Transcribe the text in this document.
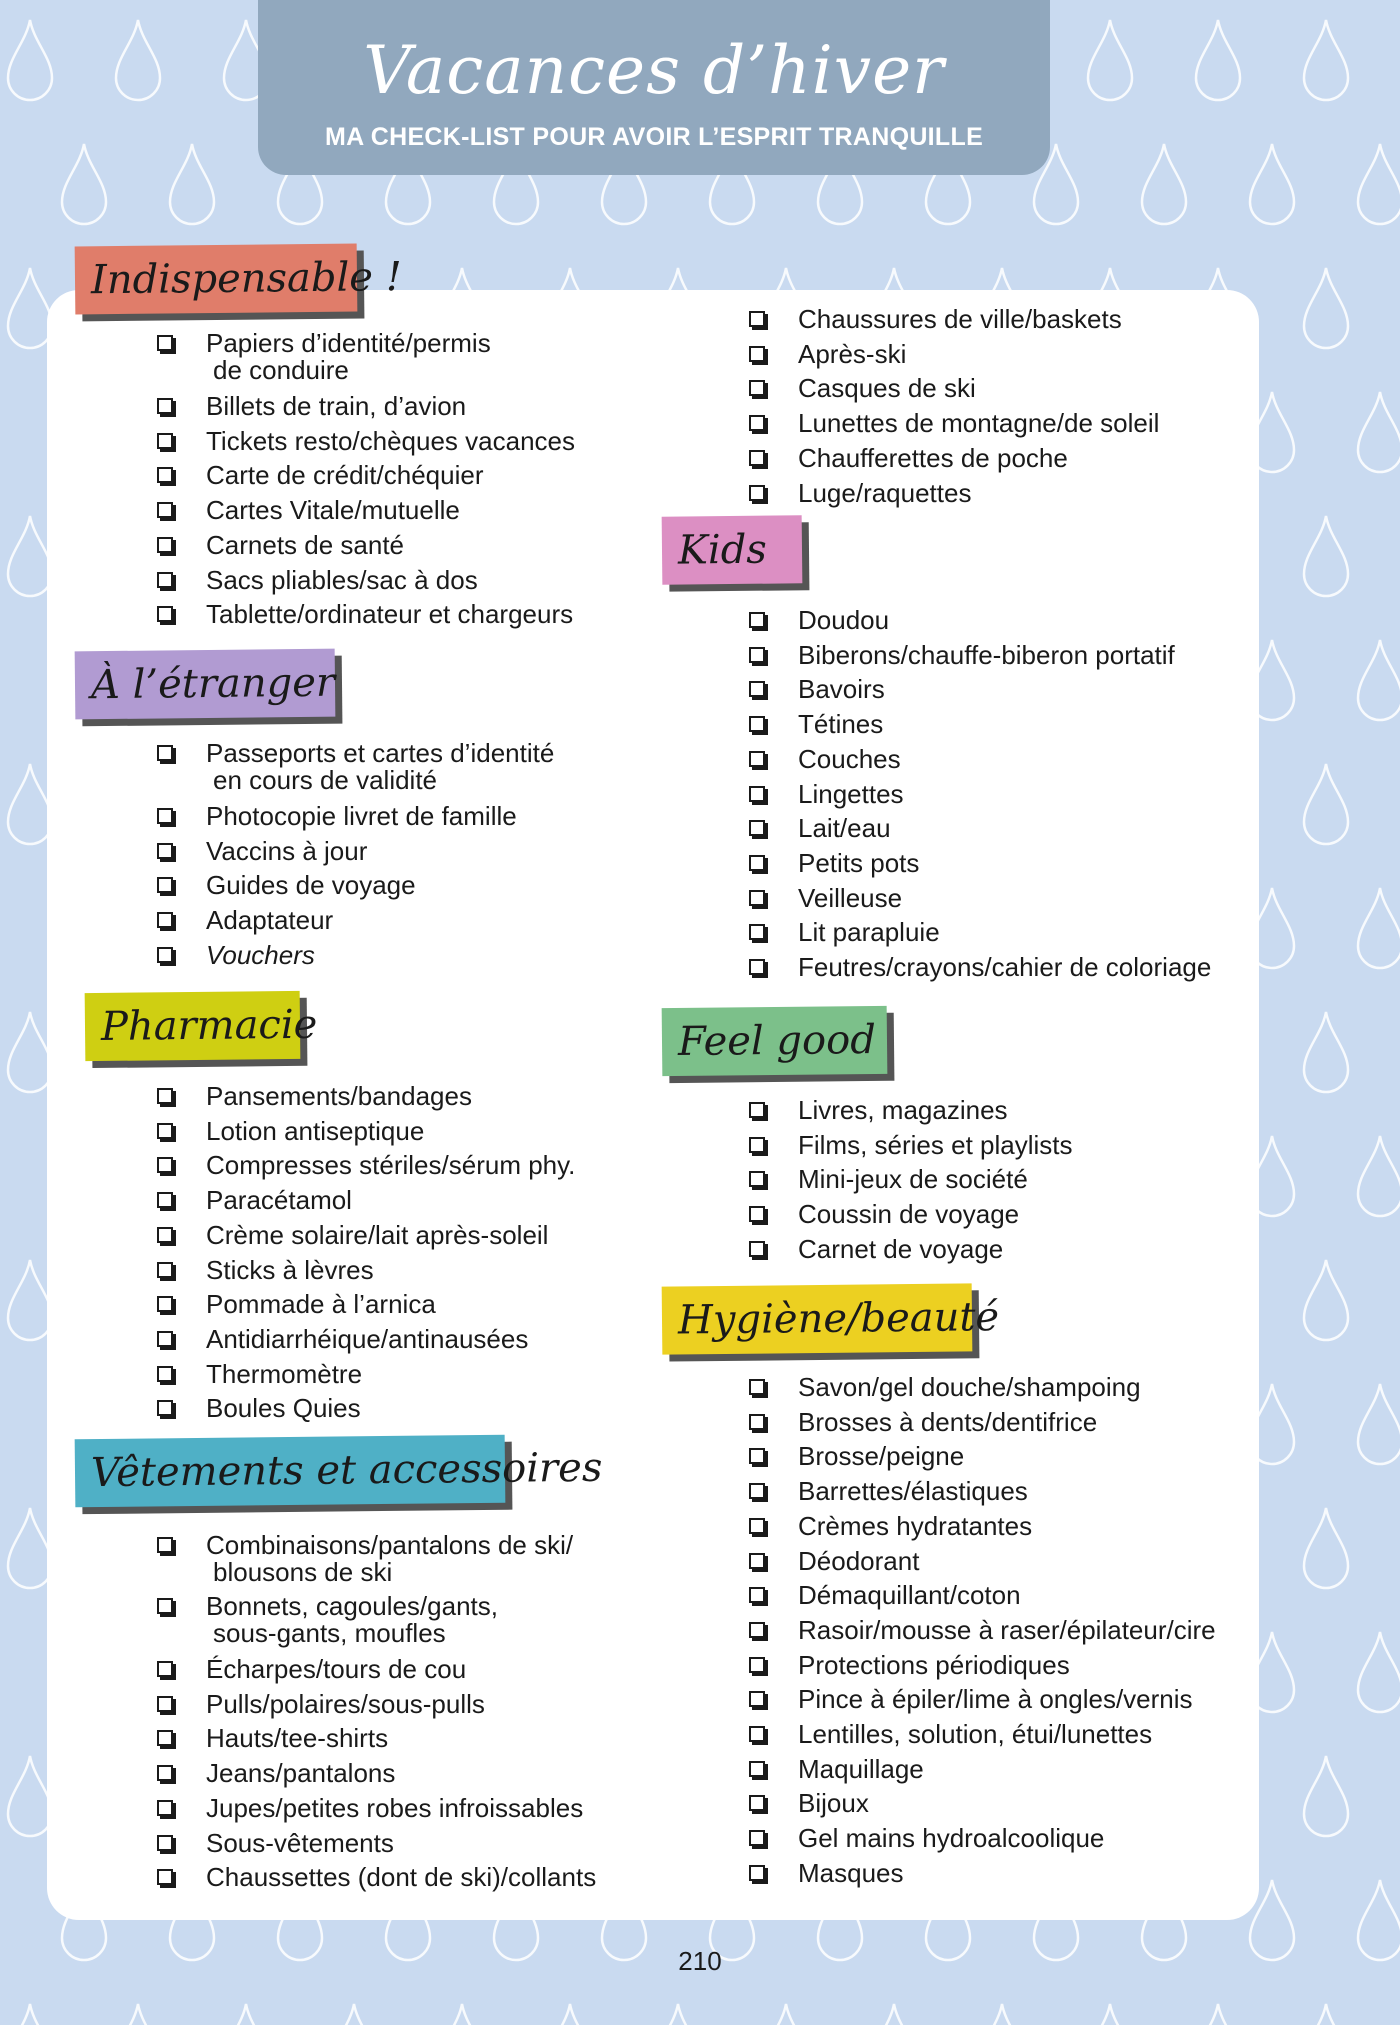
Vacances d’hiver
MA CHECK-LIST POUR AVOIR L’ESPRIT TRANQUILLE
Indispensable !
Papiers d’identité/permis
de conduire
Billets de train, d’avion
Tickets resto/chèques vacances
Carte de crédit/chéquier
Cartes Vitale/mutuelle
Carnets de santé
Sacs pliables/sac à dos
Tablette/ordinateur et chargeurs
À l’étranger
Passeports et cartes d’identité
en cours de validité
Photocopie livret de famille
Vaccins à jour
Guides de voyage
Adaptateur
Vouchers
Pharmacie
Pansements/bandages
Lotion antiseptique
Compresses stériles/sérum phy.
Paracétamol
Crème solaire/lait après-soleil
Sticks à lèvres
Pommade à l’arnica
Antidiarrhéique/antinausées
Thermomètre
Boules Quies
Vêtements et accessoires
Combinaisons/pantalons de ski/
blousons de ski
Bonnets, cagoules/gants,
sous-gants, moufles
Écharpes/tours de cou
Pulls/polaires/sous-pulls
Hauts/tee-shirts
Jeans/pantalons
Jupes/petites robes infroissables
Sous-vêtements
Chaussettes (dont de ski)/collants
Chaussures de ville/baskets
Après-ski
Casques de ski
Lunettes de montagne/de soleil
Chaufferettes de poche
Luge/raquettes
Kids
Doudou
Biberons/chauffe-biberon portatif
Bavoirs
Tétines
Couches
Lingettes
Lait/eau
Petits pots
Veilleuse
Lit parapluie
Feutres/crayons/cahier de coloriage
Feel good
Livres, magazines
Films, séries et playlists
Mini-jeux de société
Coussin de voyage
Carnet de voyage
Hygiène/beauté
Savon/gel douche/shampoing
Brosses à dents/dentifrice
Brosse/peigne
Barrettes/élastiques
Crèmes hydratantes
Déodorant
Démaquillant/coton
Rasoir/mousse à raser/épilateur/cire
Protections périodiques
Pince à épiler/lime à ongles/vernis
Lentilles, solution, étui/lunettes
Maquillage
Bijoux
Gel mains hydroalcoolique
Masques
210
